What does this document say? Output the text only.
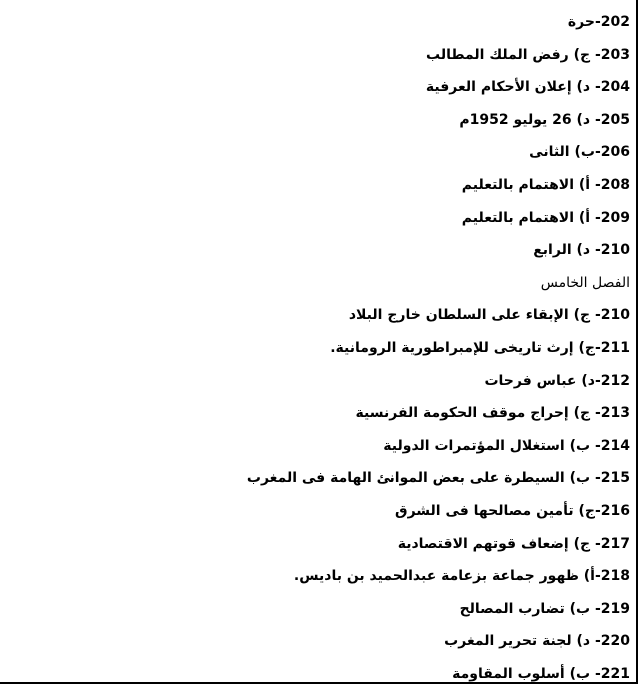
202-حرة
203- ج) رفض الملك المطالب
204- د) إعلان الأحكام العرفية
205- د) 26 يوليو 1952م
206-ب) الثانى
208- أ) الاهتمام بالتعليم
209- أ) الاهتمام بالتعليم
210- د) الرابع
الفصل الخامس
210- ج) الإبقاء على السلطان خارج البلاد
211-ج) إرث تاريخى للإمبراطورية الرومانية.
212-د) عباس فرحات
213- ج) إحراج موقف الحكومة الفرنسية
214- ب) استغلال المؤتمرات الدولية
215- ب) السيطرة على بعض الموانئ الهامة فى المغرب
216-ج) تأمين مصالحها فى الشرق
217- ج) إضعاف قوتهم الاقتصادية
218-أ) ظهور جماعة بزعامة عبدالحميد بن باديس.
219- ب) تضارب المصالح
220- د) لجنة تحرير المغرب
221- ب) أسلوب المقاومة
